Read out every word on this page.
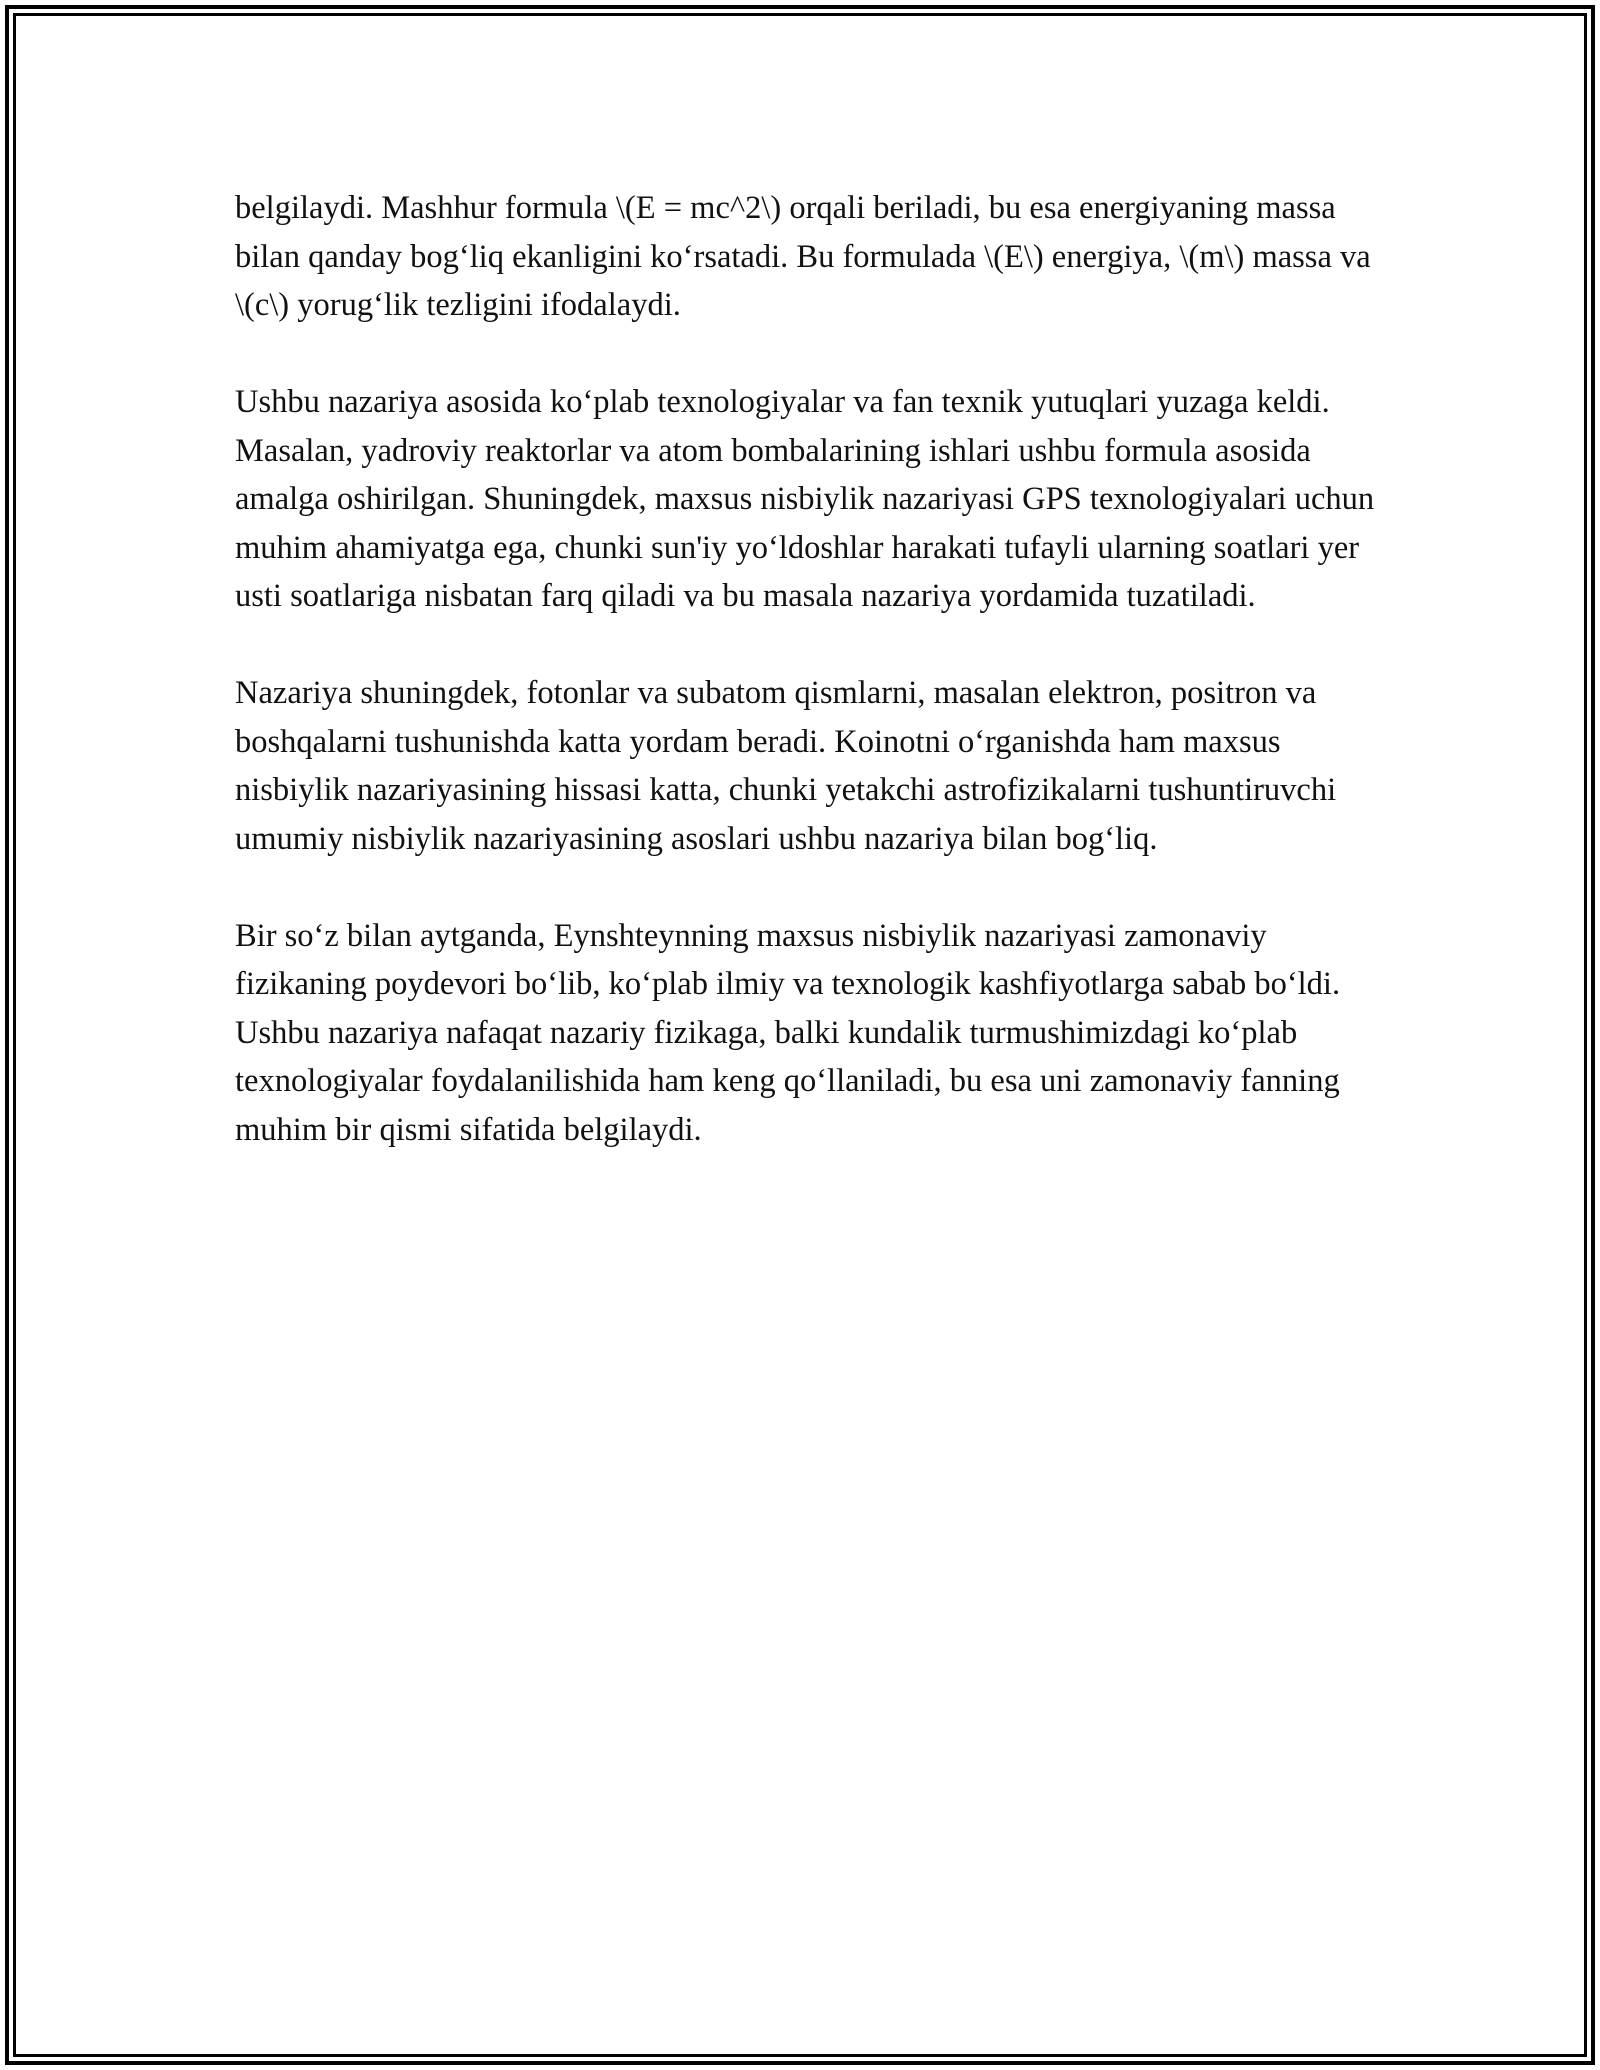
belgilaydi. Mashhur formula \(E = mc^2\) orqali beriladi, bu esa energiyaning massa bilan qanday bog‘liq ekanligini ko‘rsatadi. Bu formulada \(E\) energiya, \(m\) massa va \(c\) yorug‘lik tezligini ifodalaydi.

Ushbu nazariya asosida ko‘plab texnologiyalar va fan texnik yutuqlari yuzaga keldi. Masalan, yadroviy reaktorlar va atom bombalarining ishlari ushbu formula asosida amalga oshirilgan. Shuningdek, maxsus nisbiylik nazariyasi GPS texnologiyalari uchun muhim ahamiyatga ega, chunki sun'iy yo‘ldoshlar harakati tufayli ularning soatlari yer usti soatlariga nisbatan farq qiladi va bu masala nazariya yordamida tuzatiladi.

Nazariya shuningdek, fotonlar va subatom qismlarni, masalan elektron, positron va boshqalarni tushunishda katta yordam beradi. Koinotni o‘rganishda ham maxsus nisbiylik nazariyasining hissasi katta, chunki yetakchi astrofizikalarni tushuntiruvchi umumiy nisbiylik nazariyasining asoslari ushbu nazariya bilan bog‘liq.

Bir so‘z bilan aytganda, Eynshteynning maxsus nisbiylik nazariyasi zamonaviy fizikaning poydevori bo‘lib, ko‘plab ilmiy va texnologik kashfiyotlarga sabab bo‘ldi. Ushbu nazariya nafaqat nazariy fizikaga, balki kundalik turmushimizdagi ko‘plab texnologiyalar foydalanilishida ham keng qo‘llaniladi, bu esa uni zamonaviy fanning muhim bir qismi sifatida belgilaydi.
